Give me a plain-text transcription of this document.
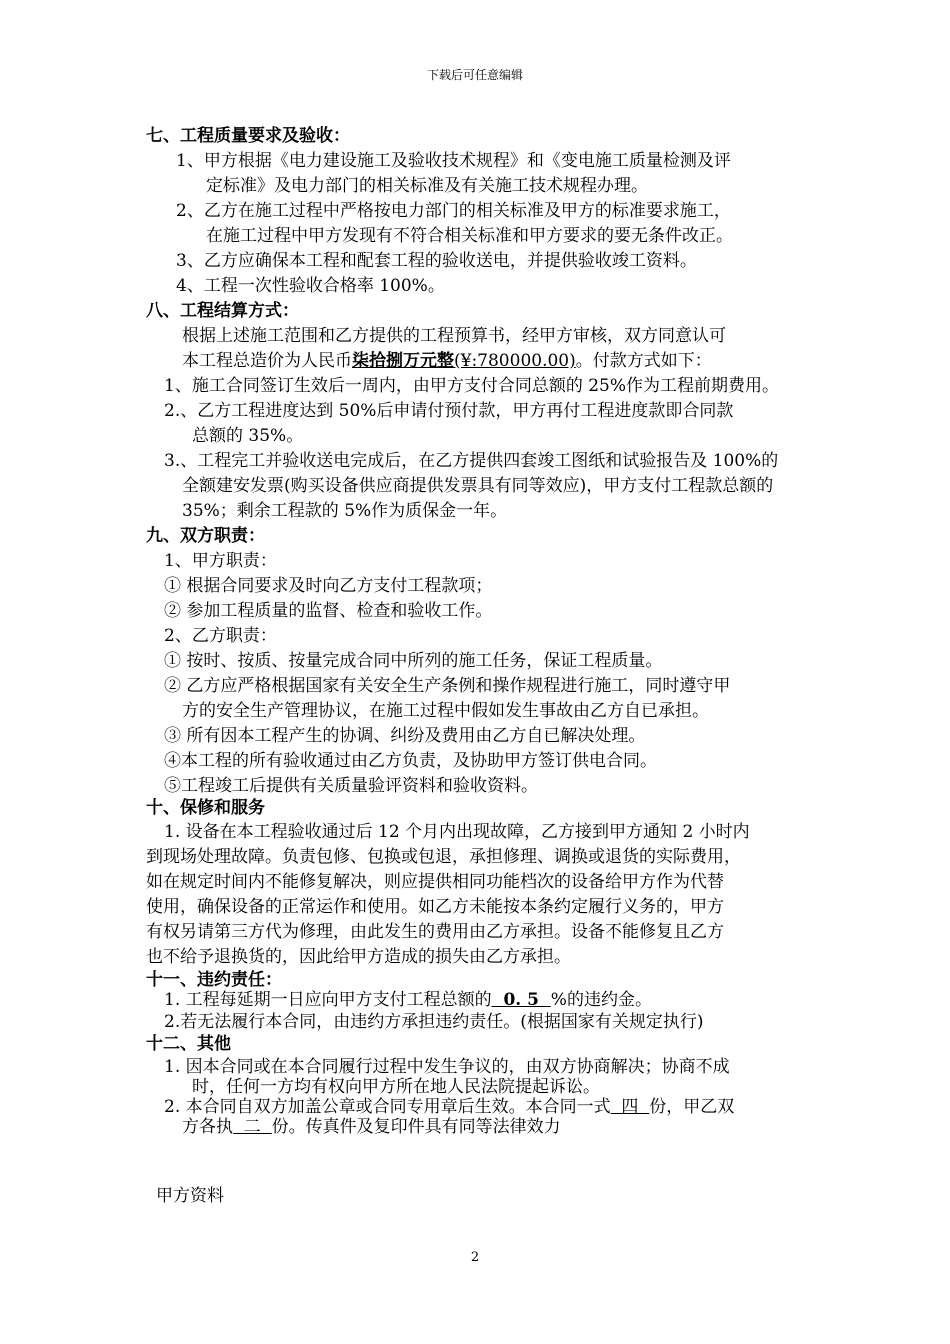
下载后可任意编辑
七、工程质量要求及验收：
1、甲方根据《电力建设施工及验收技术规程》和《变电施工质量检测及评
定标准》及电力部门的相关标准及有关施工技术规程办理。
2、乙方在施工过程中严格按电力部门的相关标准及甲方的标准要求施工，
在施工过程中甲方发现有不符合相关标准和甲方要求的要无条件改正。
3、乙方应确保本工程和配套工程的验收送电，并提供验收竣工资料。
4、工程一次性验收合格率 100%。
八、工程结算方式：
根据上述施工范围和乙方提供的工程预算书，经甲方审核，双方同意认可
本工程总造价为人民币柒拾捌万元整(¥:780000.00)。付款方式如下：
1、施工合同签订生效后一周内，由甲方支付合同总额的 25%作为工程前期费用。
2.、乙方工程进度达到 50%后申请付预付款，甲方再付工程进度款即合同款
总额的 35%。
3.、工程完工并验收送电完成后，在乙方提供四套竣工图纸和试验报告及 100%的
全额建安发票(购买设备供应商提供发票具有同等效应)，甲方支付工程款总额的
35%；剩余工程款的 5%作为质保金一年。
九、双方职责：
1、甲方职责：
① 根据合同要求及时向乙方支付工程款项；
② 参加工程质量的监督、检查和验收工作。
2、乙方职责：
① 按时、按质、按量完成合同中所列的施工任务，保证工程质量。
② 乙方应严格根据国家有关安全生产条例和操作规程进行施工，同时遵守甲
方的安全生产管理协议，在施工过程中假如发生事故由乙方自已承担。
③ 所有因本工程产生的协调、纠纷及费用由乙方自已解决处理。
④本工程的所有验收通过由乙方负责，及协助甲方签订供电合同。
⑤工程竣工后提供有关质量验评资料和验收资料。
十、保修和服务
1. 设备在本工程验收通过后 12 个月内出现故障，乙方接到甲方通知 2 小时内
到现场处理故障。负责包修、包换或包退，承担修理、调换或退货的实际费用，
如在规定时间内不能修复解决，则应提供相同功能档次的设备给甲方作为代替
使用，确保设备的正常运作和使用。如乙方未能按本条约定履行义务的，甲方
有权另请第三方代为修理，由此发生的费用由乙方承担。设备不能修复且乙方
也不给予退换货的，因此给甲方造成的损失由乙方承担。
十一、违约责任：
1. 工程每延期一日应向甲方支付工程总额的  0. 5  %的违约金。
2.若无法履行本合同，由违约方承担违约责任。(根据国家有关规定执行)
十二、其他
1. 因本合同或在本合同履行过程中发生争议的，由双方协商解决；协商不成
时，任何一方均有权向甲方所在地人民法院提起诉讼。
2. 本合同自双方加盖公章或合同专用章后生效。本合同一式  四  份，甲乙双
方各执  二  份。传真件及复印件具有同等法律效力
甲方资料
2
